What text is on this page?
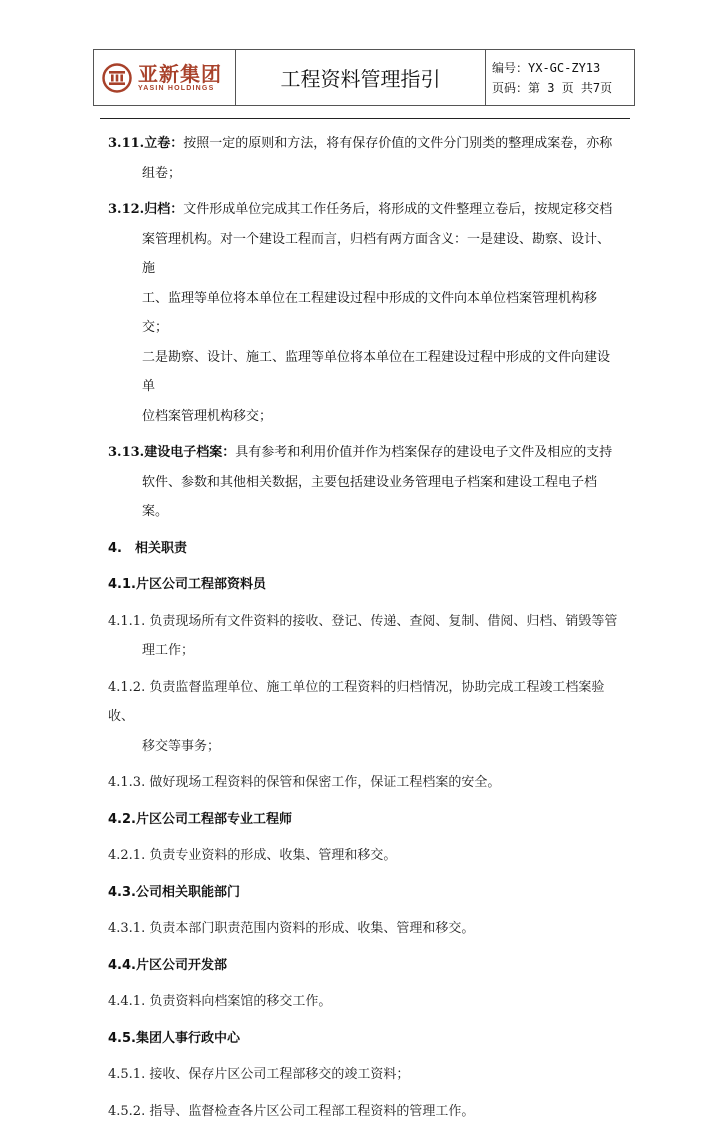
亚新集团
YASIN HOLDINGS	工程资料管理指引	编号：YX-GC-ZY13
页码：第 3 页 共7页
3.11. 立卷：按照一定的原则和方法，将有保存价值的文件分门别类的整理成案卷，亦称
组卷；
3.12. 归档：文件形成单位完成其工作任务后，将形成的文件整理立卷后，按规定移交档
案管理机构。对一个建设工程而言，归档有两方面含义：一是建设、勘察、设计、施
工、监理等单位将本单位在工程建设过程中形成的文件向本单位档案管理机构移交；
二是勘察、设计、施工、监理等单位将本单位在工程建设过程中形成的文件向建设单
位档案管理机构移交；
3.13. 建设电子档案：具有参考和利用价值并作为档案保存的建设电子文件及相应的支持
软件、参数和其他相关数据，主要包括建设业务管理电子档案和建设工程电子档案。
4.　相关职责
4.1.片区公司工程部资料员
4.1.1. 负责现场所有文件资料的接收、登记、传递、查阅、复制、借阅、归档、销毁等管
理工作；
4.1.2. 负责监督监理单位、施工单位的工程资料的归档情况，协助完成工程竣工档案验收、
移交等事务；
4.1.3. 做好现场工程资料的保管和保密工作，保证工程档案的安全。
4.2.片区公司工程部专业工程师
4.2.1. 负责专业资料的形成、收集、管理和移交。
4.3.公司相关职能部门
4.3.1. 负责本部门职责范围内资料的形成、收集、管理和移交。
4.4.片区公司开发部
4.4.1. 负责资料向档案馆的移交工作。
4.5.集团人事行政中心
4.5.1. 接收、保存片区公司工程部移交的竣工资料；
4.5.2. 指导、监督检查各片区公司工程部工程资料的管理工作。
